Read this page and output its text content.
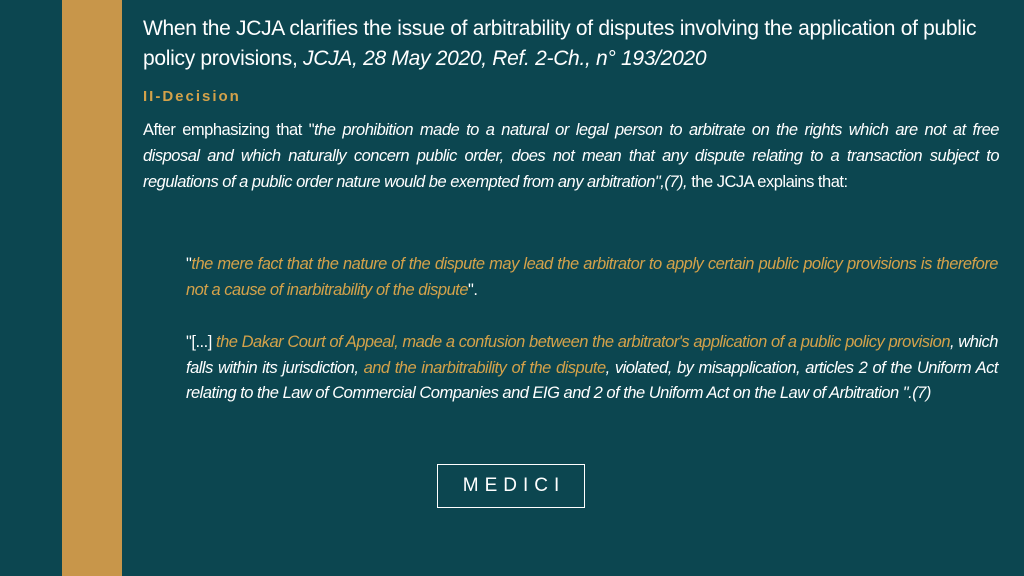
When the JCJA clarifies the issue of arbitrability of disputes involving the application of public policy provisions, JCJA, 28 May 2020, Ref. 2-Ch., n° 193/2020
II-Decision

After emphasizing that "the prohibition made to a natural or legal person to arbitrate on the rights which are not at free disposal and which naturally concern public order, does not mean that any dispute relating to a transaction subject to regulations of a public order nature would be exempted from any arbitration",(7), the JCJA explains that:

"the mere fact that the nature of the dispute may lead the arbitrator to apply certain public policy provisions is therefore not a cause of inarbitrability of the dispute".

"[...] the Dakar Court of Appeal, made a confusion between the arbitrator's application of a public policy provision, which falls within its jurisdiction, and the inarbitrability of the dispute, violated, by misapplication, articles 2 of the Uniform Act relating to the Law of Commercial Companies and EIG and 2 of the Uniform Act on the Law of Arbitration ".(7)

MEDICI
